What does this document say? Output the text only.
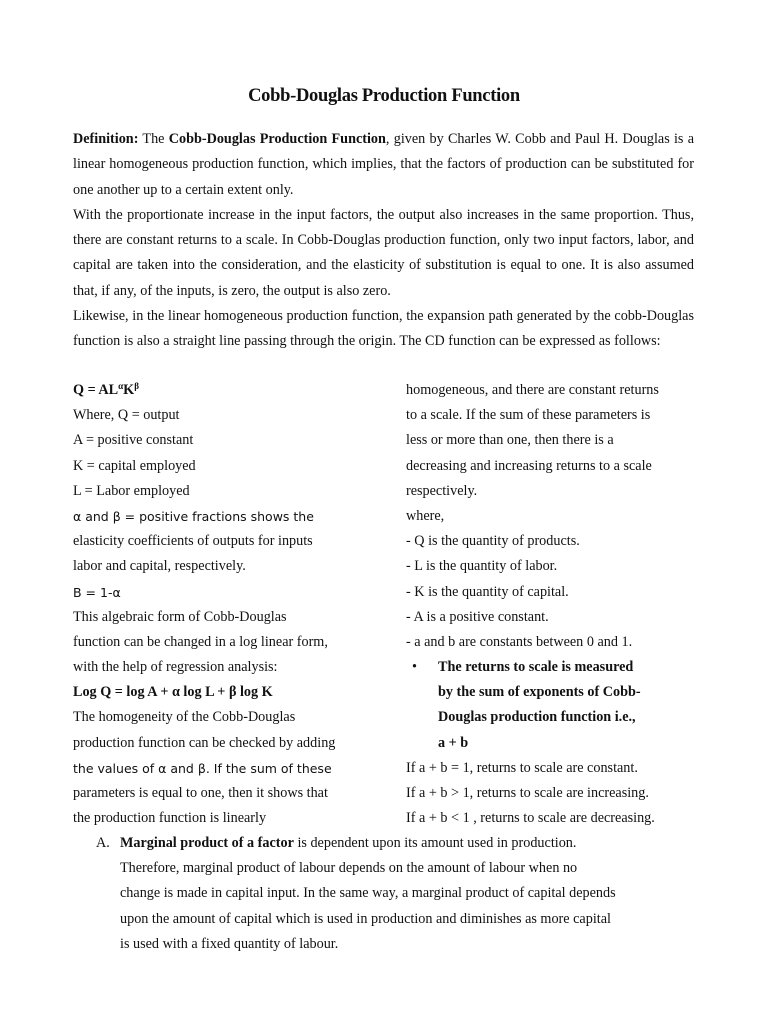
Cobb-Douglas Production Function

Definition: The Cobb-Douglas Production Function, given by Charles W. Cobb and Paul H. Douglas is a linear homogeneous production function, which implies, that the factors of production can be substituted for one another up to a certain extent only.

With the proportionate increase in the input factors, the output also increases in the same proportion. Thus, there are constant returns to a scale. In Cobb-Douglas production function, only two input factors, labor, and capital are taken into the consideration, and the elasticity of substitution is equal to one. It is also assumed that, if any, of the inputs, is zero, the output is also zero.

Likewise, in the linear homogeneous production function, the expansion path generated by the cobb-Douglas function is also a straight line passing through the origin. The CD function can be expressed as follows:

$Q = AL^\alpha K^\beta$
Where, Q = output
A = positive constant
K = capital employed
L = Labor employed
α and β = positive fractions shows the
elasticity coefficients of outputs for inputs
labor and capital, respectively.
Β = 1-α
This algebraic form of Cobb-Douglas
function can be changed in a log linear form,
with the help of regression analysis:
Log Q = log A + α log L + β log K
The homogeneity of the Cobb-Douglas
production function can be checked by adding
the values of α and β. If the sum of these
parameters is equal to one, then it shows that
the production function is linearly
homogeneous, and there are constant returns
to a scale. If the sum of these parameters is
less or more than one, then there is a
decreasing and increasing returns to a scale
respectively.
where,
- Q is the quantity of products.
- L is the quantity of labor.
- K is the quantity of capital.
- A is a positive constant.
- a and b are constants between 0 and 1.
• The returns to scale is measured
by the sum of exponents of Cobb-
Douglas production function i.e.,
a + b
If a + b = 1, returns to scale are constant.
If a + b > 1, returns to scale are increasing.
If a + b < 1 , returns to scale are decreasing.
A. Marginal product of a factor is dependent upon its amount used in production.
Therefore, marginal product of labour depends on the amount of labour when no
change is made in capital input. In the same way, a marginal product of capital depends
upon the amount of capital which is used in production and diminishes as more capital
is used with a fixed quantity of labour.
